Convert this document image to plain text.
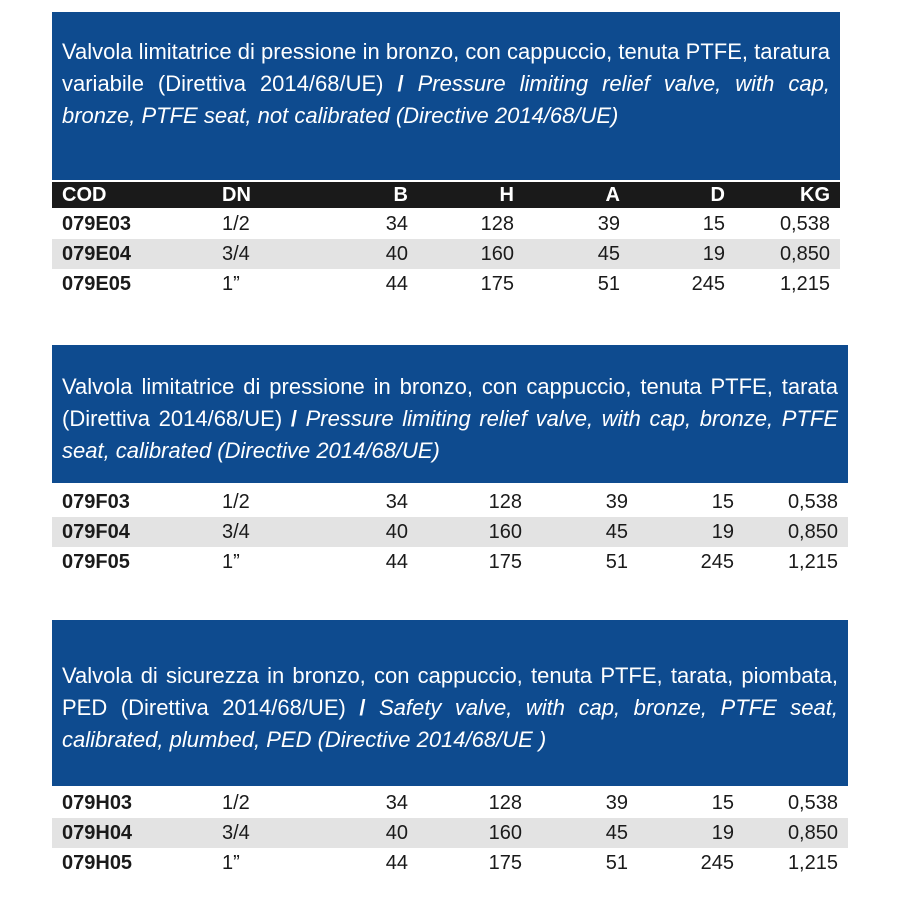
Valvola limitatrice di pressione in bronzo, con cappuccio, tenuta PTFE, taratura variabile (Direttiva 2014/68/UE) / Pressure limiting relief valve, with cap, bronze, PTFE seat, not calibrated (Directive 2014/68/UE)
COD	DN	B	H	A	D	KG
079E03	1/2	34	128	39	15	0,538
079E04	3/4	40	160	45	19	0,850
079E05	1”	44	175	51	245	1,215
Valvola limitatrice di pressione in bronzo, con cappuccio, tenuta PTFE, tarata (Direttiva 2014/68/UE) / Pressure limiting relief valve, with cap, bronze, PTFE seat, calibrated (Directive 2014/68/UE)
079F03	1/2	34	128	39	15	0,538
079F04	3/4	40	160	45	19	0,850
079F05	1”	44	175	51	245	1,215
Valvola di sicurezza in bronzo, con cappuccio, tenuta PTFE, tarata, piombata, PED (Direttiva 2014/68/UE) / Safety valve, with cap, bronze, PTFE seat, calibrated, plumbed, PED (Directive 2014/68/UE )
079H03	1/2	34	128	39	15	0,538
079H04	3/4	40	160	45	19	0,850
079H05	1”	44	175	51	245	1,215
